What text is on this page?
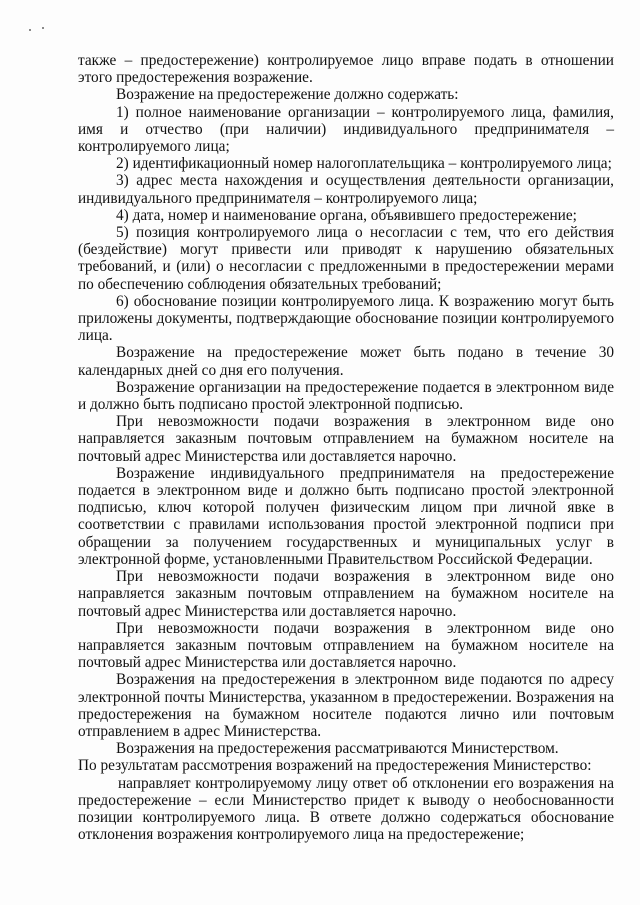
также – предостережение) контролируемое лицо вправе подать в отношении этого предостережения возражение.

Возражение на предостережение должно содержать:

1) полное наименование организации – контролируемого лица, фамилия, имя и отчество (при наличии) индивидуального предпринимателя – контролируемого лица;

2) идентификационный номер налогоплательщика – контролируемого лица;

3) адрес места нахождения и осуществления деятельности организации, индивидуального предпринимателя – контролируемого лица;

4) дата, номер и наименование органа, объявившего предостережение;

5) позиция контролируемого лица о несогласии с тем, что его действия (бездействие) могут привести или приводят к нарушению обязательных требований, и (или) о несогласии с предложенными в предостережении мерами по обеспечению соблюдения обязательных требований;

6) обоснование позиции контролируемого лица. К возражению могут быть приложены документы, подтверждающие обоснование позиции контролируемого лица.

Возражение на предостережение может быть подано в течение 30 календарных дней со дня его получения.

Возражение организации на предостережение подается в электронном виде и должно быть подписано простой электронной подписью.

При невозможности подачи возражения в электронном виде оно направляется заказным почтовым отправлением на бумажном носителе на почтовый адрес Министерства или доставляется нарочно.

Возражение индивидуального предпринимателя на предостережение подается в электронном виде и должно быть подписано простой электронной подписью, ключ которой получен физическим лицом при личной явке в соответствии с правилами использования простой электронной подписи при обращении за получением государственных и муниципальных услуг в электронной форме, установленными Правительством Российской Федерации.

При невозможности подачи возражения в электронном виде оно направляется заказным почтовым отправлением на бумажном носителе на почтовый адрес Министерства или доставляется нарочно.

При невозможности подачи возражения в электронном виде оно направляется заказным почтовым отправлением на бумажном носителе на почтовый адрес Министерства или доставляется нарочно.

Возражения на предостережения в электронном виде подаются по адресу электронной почты Министерства, указанном в предостережении. Возражения на предостережения на бумажном носителе подаются лично или почтовым отправлением в адрес Министерства.

Возражения на предостережения рассматриваются Министерством.

По результатам рассмотрения возражений на предостережения Министерство:

направляет контролируемому лицу ответ об отклонении его возражения на предостережение – если Министерство придет к выводу о необоснованности позиции контролируемого лица. В ответе должно содержаться обоснование отклонения возражения контролируемого лица на предостережение;
